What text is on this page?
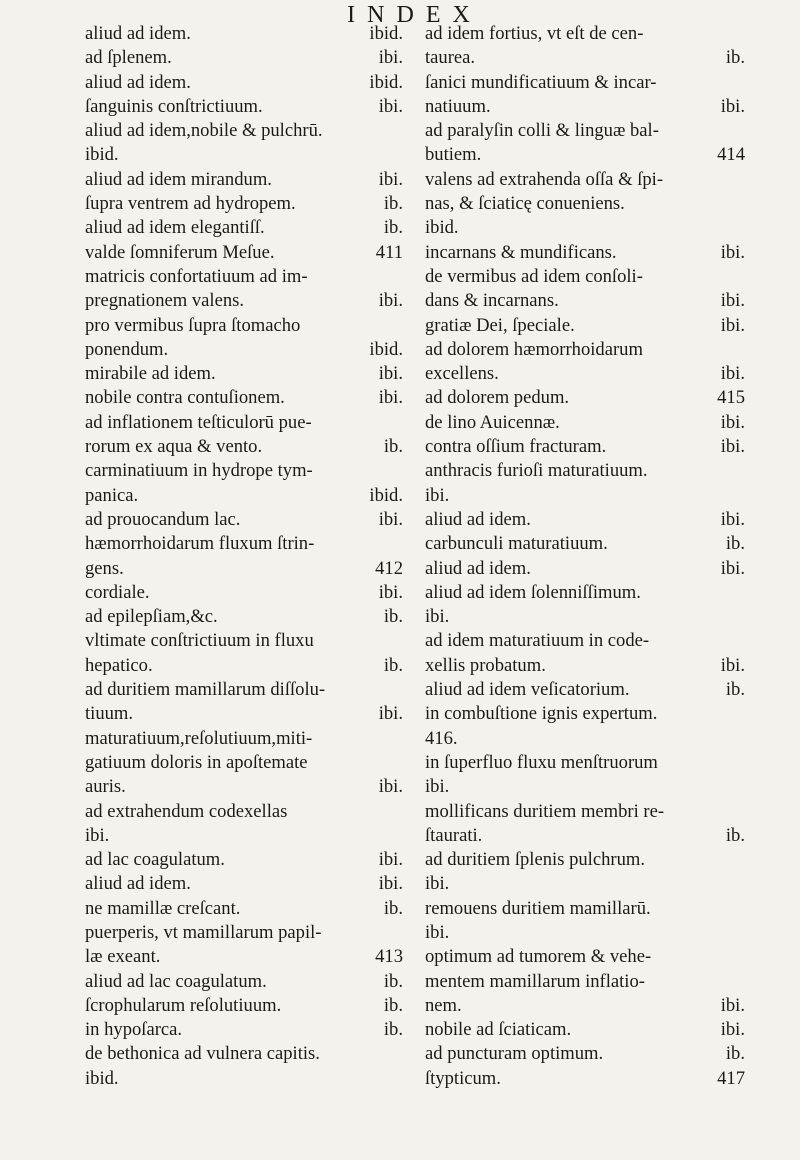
I N D E X
aliud ad idem.	ibid.
ad ſplenem.	ibi.
aliud ad idem.	ibid.
ſanguinis conſtrictiuum.	ibi.
aliud ad idem,nobile & pulchrū.
ibid.
aliud ad idem mirandum.	ibi.
ſupra ventrem ad hydropem.	ib.
aliud ad idem elegantiſſ.	ib.
valde ſomniferum Meſue.	411
matricis confortatiuum ad im-
pregnationem valens.	ibi.
pro vermibus ſupra ſtomacho
ponendum.	ibid.
mirabile ad idem.	ibi.
nobile contra contuſionem.	ibi.
ad inflationem teſticulorū pue-
rorum ex aqua & vento.	ib.
carminatiuum in hydrope tym-
panica.	ibid.
ad prouocandum lac.	ibi.
hæmorrhoidarum fluxum ſtrin-
gens.	412
cordiale.	ibi.
ad epilepſiam,&c.	ib.
vltimate conſtrictiuum in fluxu
hepatico.	ib.
ad duritiem mamillarum diſſolu-
tiuum.	ibi.
maturatiuum,reſolutiuum,miti-
gatiuum doloris in apoſtemate
auris.	ibi.
ad extrahendum codexellas
ibi.
ad lac coagulatum.	ibi.
aliud ad idem.	ibi.
ne mamillæ creſcant.	ib.
puerperis, vt mamillarum papil-
læ exeant.	413
aliud ad lac coagulatum.	ib.
ſcrophularum reſolutiuum.	ib.
in hypoſarca.	ib.
de bethonica ad vulnera capitis.
ibid.
ad idem fortius, vt eſt de cen-
taurea.	ib.
ſanici mundificatiuum & incar-
natiuum.	ibi.
ad paralyſin colli & linguæ bal-
butiem.	414
valens ad extrahenda oſſa & ſpi-
nas, & ſciaticę conueniens.
ibid.
incarnans & mundificans.	ibi.
de vermibus ad idem conſoli-
dans & incarnans.	ibi.
gratiæ Dei, ſpeciale.	ibi.
ad dolorem hæmorrhoidarum
excellens.	ibi.
ad dolorem pedum.	415
de lino Auicennæ.	ibi.
contra oſſium fracturam.	ibi.
anthracis furioſi maturatiuum.
ibi.
aliud ad idem.	ibi.
carbunculi maturatiuum.	ib.
aliud ad idem.	ibi.
aliud ad idem ſolenniſſimum.
ibi.
ad idem maturatiuum in code-
xellis probatum.	ibi.
aliud ad idem veſicatorium.	ib.
in combuſtione ignis expertum.
416.
in ſuperfluo fluxu menſtruorum
ibi.
mollificans duritiem membri re-
ſtaurati.	ib.
ad duritiem ſplenis pulchrum.
ibi.
remouens duritiem mamillarū.
ibi.
optimum ad tumorem & vehe-
mentem mamillarum inflatio-
nem.	ibi.
nobile ad ſciaticam.	ibi.
ad puncturam optimum.	ib.
ſtypticum.	417
